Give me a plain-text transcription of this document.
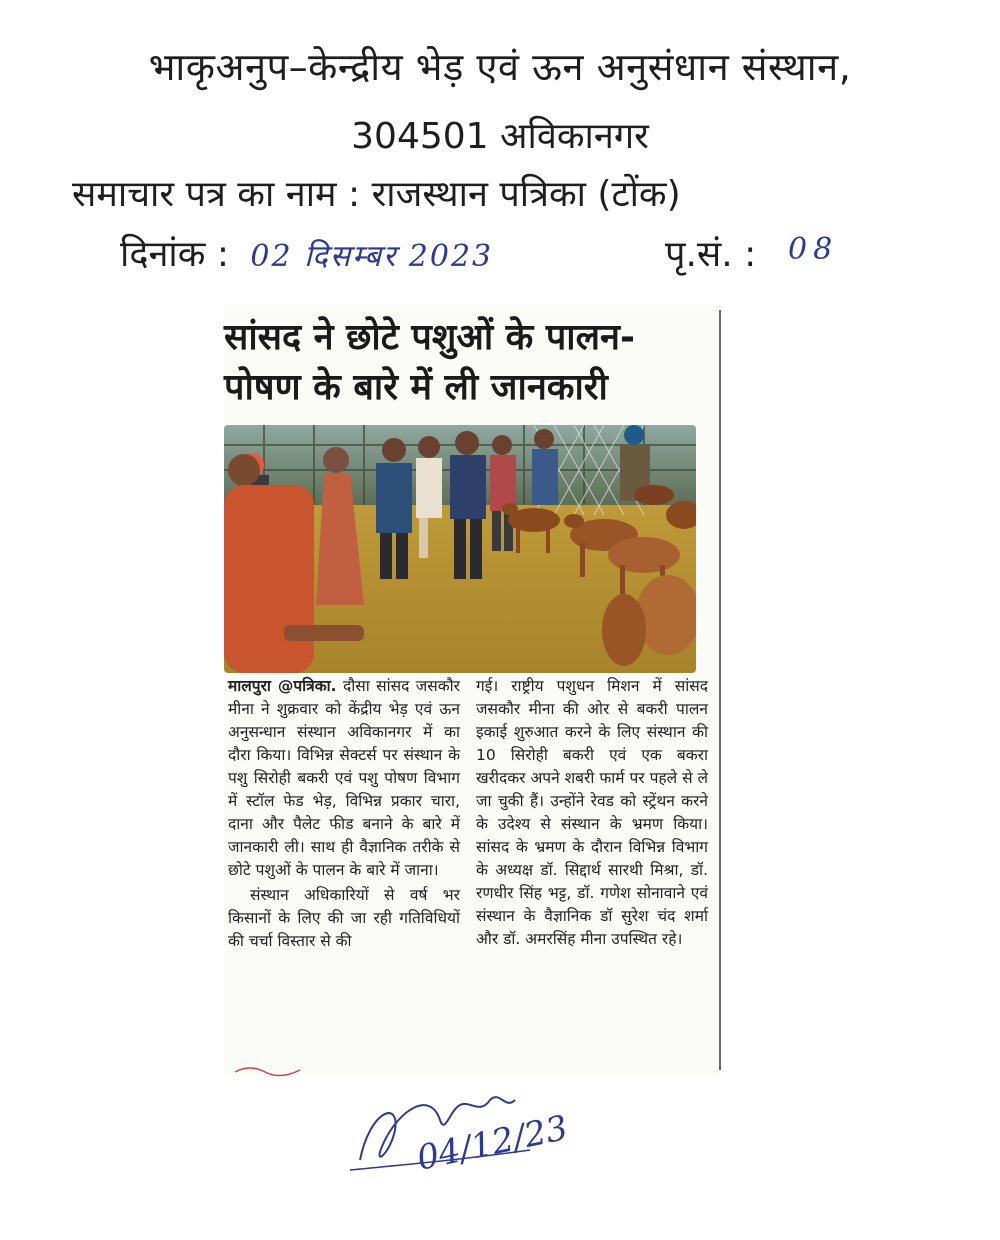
भाकृअनुप–केन्द्रीय भेड़ एवं ऊन अनुसंधान संस्थान,
304501 अविकानगर
समाचार पत्र का नाम : राजस्थान पत्रिका (टोंक)
दिनांक : 02 दिसम्बर 2023	पृ.सं. : 08
सांसद ने छोटे पशुओं के पालन-पोषण के बारे में ली जानकारी
मालपुरा @पत्रिका. दौसा सांसद जसकौर मीना ने शुक्रवार को केंद्रीय भेड़ एवं ऊन अनुसन्धान संस्थान अविकानगर में का दौरा किया। विभिन्न सेक्टर्स पर संस्थान के पशु सिरोही बकरी एवं पशु पोषण विभाग में स्टॉल फेड भेड़, विभिन्न प्रकार चारा, दाना और पैलेट फीड बनाने के बारे में जानकारी ली। साथ ही वैज्ञानिक तरीके से छोटे पशुओं के पालन के बारे में जाना।
संस्थान अधिकारियों से वर्ष भर किसानों के लिए की जा रही गतिविधियों की चर्चा विस्तार से की
गई। राष्ट्रीय पशुधन मिशन में सांसद जसकौर मीना की ओर से बकरी पालन इकाई शुरुआत करने के लिए संस्थान की 10 सिरोही बकरी एवं एक बकरा खरीदकर अपने शबरी फार्म पर पहले से ले जा चुकी हैं। उन्होंने रेवड को स्ट्रेंथन करने के उदेश्य से संस्थान के भ्रमण किया। सांसद के भ्रमण के दौरान विभिन्न विभाग के अध्यक्ष डॉ. सिद्दार्थ सारथी मिश्रा, डॉ. रणधीर सिंह भट्ट, डॉ. गणेश सोनावाने एवं संस्थान के वैज्ञानिक डॉ सुरेश चंद शर्मा और डॉ. अमरसिंह मीना उपस्थित रहे।
04/12/23
